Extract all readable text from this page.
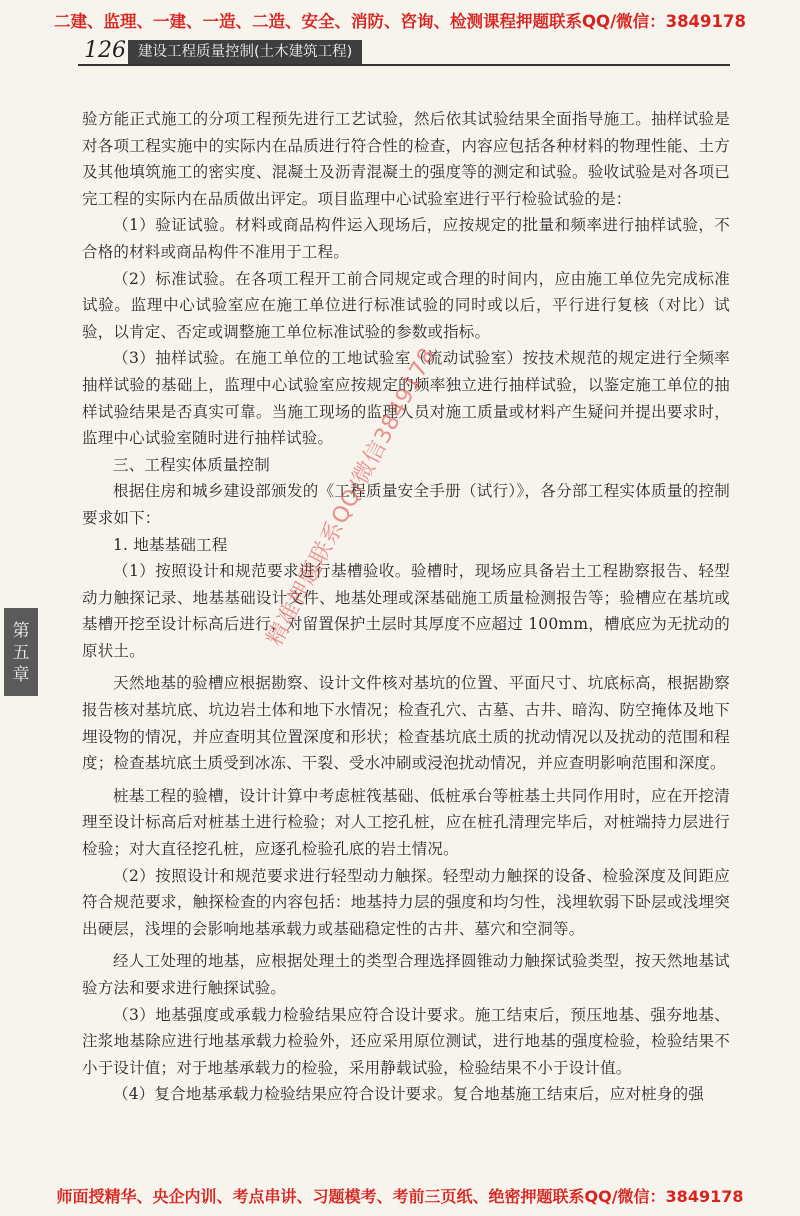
二建、监理、一建、一造、二造、安全、消防、咨询、检测课程押题联系QQ/微信：3849178
126 建设工程质量控制(土木建筑工程)
第
五
章

验方能正式施工的分项工程预先进行工艺试验，然后依其试验结果全面指导施工。抽样试验是对各项工程实施中的实际内在品质进行符合性的检查，内容应包括各种材料的物理性能、土方及其他填筑施工的密实度、混凝土及沥青混凝土的强度等的测定和试验。验收试验是对各项已完工程的实际内在品质做出评定。项目监理中心试验室进行平行检验试验的是：

（1）验证试验。材料或商品构件运入现场后，应按规定的批量和频率进行抽样试验，不合格的材料或商品构件不准用于工程。

（2）标准试验。在各项工程开工前合同规定或合理的时间内，应由施工单位先完成标准试验。监理中心试验室应在施工单位进行标准试验的同时或以后，平行进行复核（对比）试验，以肯定、否定或调整施工单位标准试验的参数或指标。

（3）抽样试验。在施工单位的工地试验室（流动试验室）按技术规范的规定进行全频率抽样试验的基础上，监理中心试验室应按规定的频率独立进行抽样试验，以鉴定施工单位的抽样试验结果是否真实可靠。当施工现场的监理人员对施工质量或材料产生疑问并提出要求时，监理中心试验室随时进行抽样试验。

三、工程实体质量控制

根据住房和城乡建设部颁发的《工程质量安全手册（试行）》，各分部工程实体质量的控制要求如下：

1. 地基基础工程

（1）按照设计和规范要求进行基槽验收。验槽时，现场应具备岩土工程勘察报告、轻型动力触探记录、地基基础设计文件、地基处理或深基础施工质量检测报告等；验槽应在基坑或基槽开挖至设计标高后进行，对留置保护土层时其厚度不应超过 100mm，槽底应为无扰动的原状土。

天然地基的验槽应根据勘察、设计文件核对基坑的位置、平面尺寸、坑底标高，根据勘察报告核对基坑底、坑边岩土体和地下水情况；检查孔穴、古墓、古井、暗沟、防空掩体及地下埋设物的情况，并应查明其位置深度和形状；检查基坑底土质的扰动情况以及扰动的范围和程度；检查基坑底土质受到冰冻、干裂、受水冲刷或浸泡扰动情况，并应查明影响范围和深度。

桩基工程的验槽，设计计算中考虑桩筏基础、低桩承台等桩基土共同作用时，应在开挖清理至设计标高后对桩基土进行检验；对人工挖孔桩，应在桩孔清理完毕后，对桩端持力层进行检验；对大直径挖孔桩，应逐孔检验孔底的岩土情况。

（2）按照设计和规范要求进行轻型动力触探。轻型动力触探的设备、检验深度及间距应符合规范要求，触探检查的内容包括：地基持力层的强度和均匀性，浅埋软弱下卧层或浅埋突出硬层，浅埋的会影响地基承载力或基础稳定性的古井、墓穴和空洞等。

经人工处理的地基，应根据处理土的类型合理选择圆锥动力触探试验类型，按天然地基试验方法和要求进行触探试验。

（3）地基强度或承载力检验结果应符合设计要求。施工结束后，预压地基、强夯地基、注浆地基除应进行地基承载力检验外，还应采用原位测试，进行地基的强度检验，检验结果不小于设计值；对于地基承载力的检验，采用静载试验，检验结果不小于设计值。

（4）复合地基承载力检验结果应符合设计要求。复合地基施工结束后，应对桩身的强

精准押题联系QQ/微信3849178
师面授精华、央企内训、考点串讲、习题模考、考前三页纸、绝密押题联系QQ/微信：3849178
